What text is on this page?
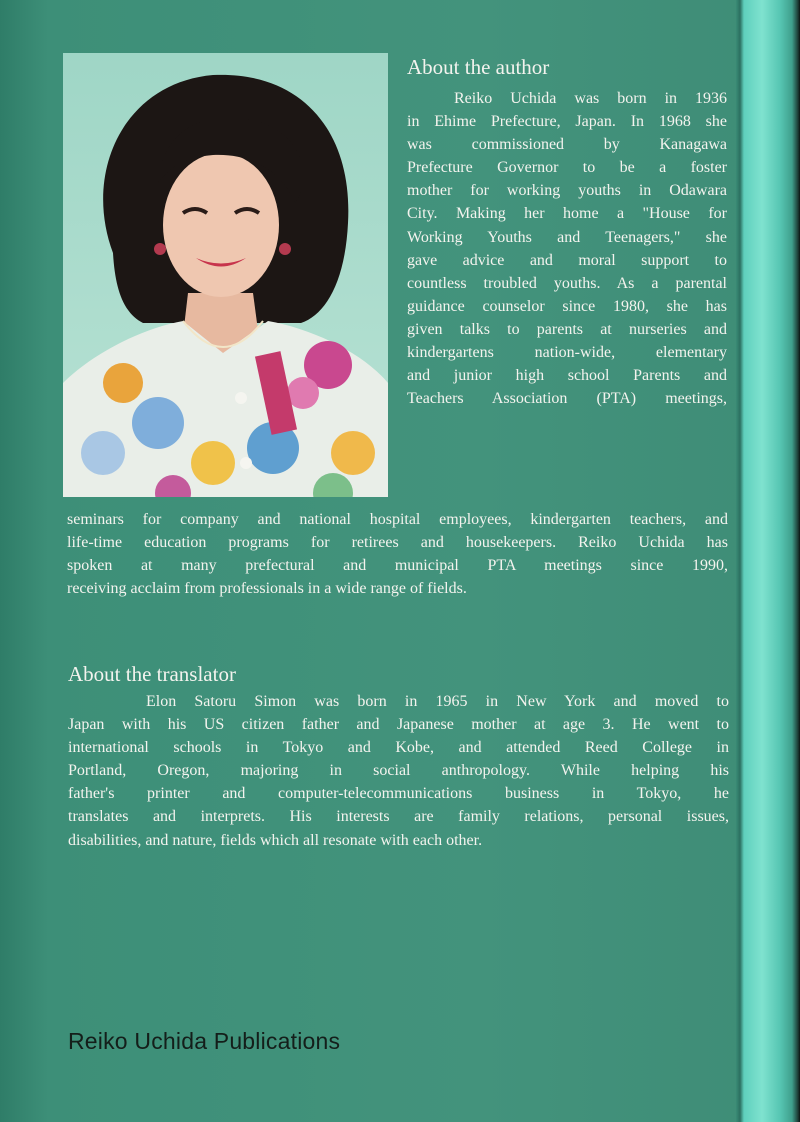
About the author
Reiko Uchida was born in 1936
in Ehime Prefecture, Japan. In 1968 she
was commissioned by Kanagawa
Prefecture Governor to be a foster
mother for working youths in Odawara
City. Making her home a "House for
Working Youths and Teenagers," she
gave advice and moral support to
countless troubled youths. As a parental
guidance counselor since 1980, she has
given talks to parents at nurseries and
kindergartens nation-wide, elementary
and junior high school Parents and
Teachers Association (PTA) meetings,
seminars for company and national hospital employees, kindergarten teachers, and
life-time education programs for retirees and housekeepers. Reiko Uchida has
spoken at many prefectural and municipal PTA meetings since 1990,
receiving acclaim from professionals in a wide range of fields.
About the translator
Elon Satoru Simon was born in 1965 in New York and moved to
Japan with his US citizen father and Japanese mother at age 3. He went to
international schools in Tokyo and Kobe, and attended Reed College in
Portland, Oregon, majoring in social anthropology. While helping his
father's printer and computer-telecommunications business in Tokyo, he
translates and interprets. His interests are family relations, personal issues,
disabilities, and nature, fields which all resonate with each other.
Reiko Uchida Publications
